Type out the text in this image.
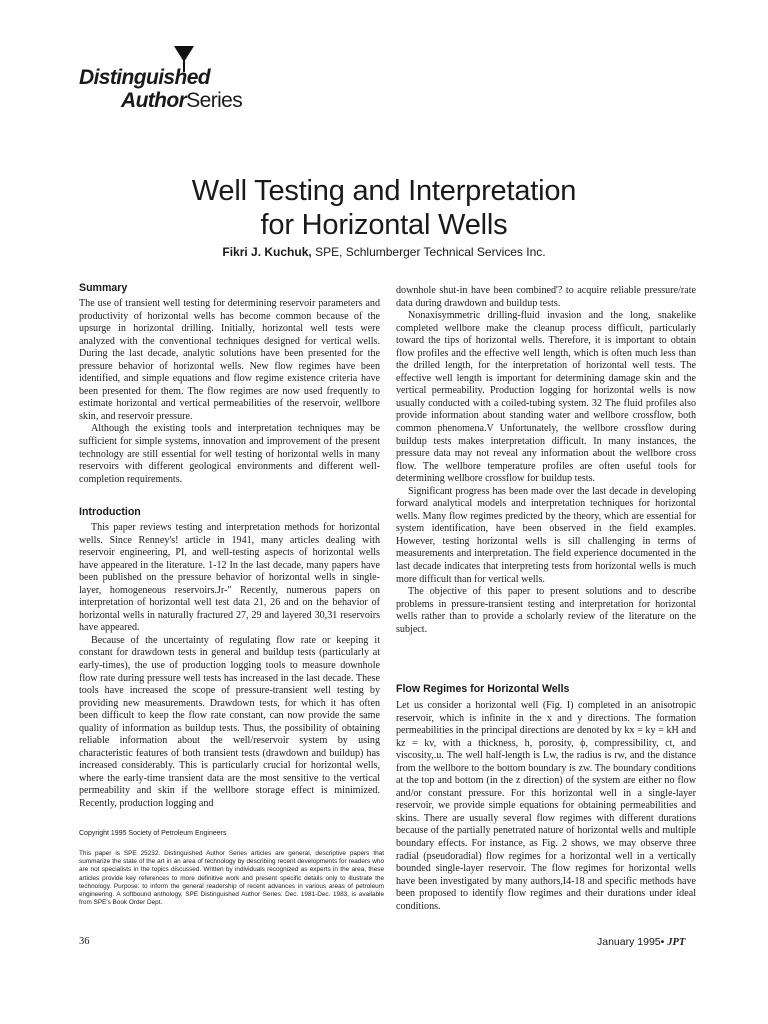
Distinguished
AuthorSeries
Well Testing and Interpretation
for Horizontal Wells
Fikri J. Kuchuk, SPE, Schlumberger Technical Services Inc.
Summary

The use of transient well testing for determining reservoir parameters and productivity of horizontal wells has become common because of the upsurge in horizontal drilling. Initially, horizontal well tests were analyzed with the conventional techniques designed for vertical wells. During the last decade, analytic solutions have been presented for the pressure behavior of horizontal wells. New flow regimes have been identified, and simple equations and flow regime existence criteria have been presented for them. The flow regimes are now used frequently to estimate horizontal and vertical permeabilities of the reservoir, wellbore skin, and reservoir pressure.

Although the existing tools and interpretation techniques may be sufficient for simple systems, innovation and improvement of the present technology are still essential for well testing of horizontal wells in many reservoirs with different geological environments and different well-completion requirements.

Introduction

This paper reviews testing and interpretation methods for horizontal wells. Since Renney's! article in 1941, many articles dealing with reservoir engineering, PI, and well-testing aspects of horizontal wells have appeared in the literature. 1-12 In the last decade, many papers have been published on the pressure behavior of horizontal wells in single-layer, homogeneous reservoirs.Jr-" Recently, numerous papers on interpretation of horizontal well test data 21, 26 and on the behavior of horizontal wells in naturally fractured 27, 29 and layered 30,31 reservoirs have appeared.

Because of the uncertainty of regulating flow rate or keeping it constant for drawdown tests in general and buildup tests (particularly at early-times), the use of production logging tools to measure downhole flow rate during pressure well tests has increased in the last decade. These tools have increased the scope of pressure-transient well testing by providing new measurements. Drawdown tests, for which it has often been difficult to keep the flow rate constant, can now provide the same quality of information as buildup tests. Thus, the possibility of obtaining reliable information about the well/reservoir system by using characteristic features of both transient tests (drawdown and buildup) has increased considerably. This is particularly crucial for horizontal wells, where the early-time transient data are the most sensitive to the vertical permeability and skin if the wellbore storage effect is minimized. Recently, production logging and

Copyright 1995 Society of Petroleum Engineers
This paper is SPE 25232. Distinguished Author Series articles are general, descriptive papers that summarize the state of the art in an area of technology by describing recent developments for readers who are not specialists in the topics discussed. Written by individuals recognized as experts in the area, these articles provide key references to more definitive work and present specific details only to illustrate the technology. Purpose: to inform the general readership of recent advances in various areas of petroleum engineering. A softbound anthology, SPE Distinguished Author Series: Dec. 1981-Dec. 1983, is available from SPE's Book Order Dept.

downhole shut-in have been combined'? to acquire reliable pressure/rate data during drawdown and buildup tests.

Nonaxisymmetric drilling-fluid invasion and the long, snakelike completed wellbore make the cleanup process difficult, particularly toward the tips of horizontal wells. Therefore, it is important to obtain flow profiles and the effective well length, which is often much less than the drilled length, for the interpretation of horizontal well tests. The effective well length is important for determining damage skin and the vertical permeability. Production logging for horizontal wells is now usually conducted with a coiled-tubing system. 32 The fluid profiles also provide information about standing water and wellbore crossflow, both common phenomena.V Unfortunately, the wellbore crossflow during buildup tests makes interpretation difficult. In many instances, the pressure data may not reveal any information about the wellbore cross flow. The wellbore temperature profiles are often useful tools for determining wellbore crossflow for buildup tests.

Significant progress has been made over the last decade in developing forward analytical models and interpretation techniques for horizontal wells. Many flow regimes predicted by the theory, which are essential for system identification, have been observed in the field examples. However, testing horizontal wells is sill challenging in terms of measurements and interpretation. The field experience documented in the last decade indicates that interpreting tests from horizontal wells is much more difficult than for vertical wells.

The objective of this paper to present solutions and to describe problems in pressure-transient testing and interpretation for horizontal wells rather than to provide a scholarly review of the literature on the subject.

Flow Regimes for Horizontal Wells

Let us consider a horizontal well (Fig. I) completed in an anisotropic reservoir, which is infinite in the x and y directions. The formation permeabilities in the principal directions are denoted by kx = ky = kH and kz = kv, with a thickness, h, porosity, ϕ, compressibility, ct, and viscosity,.u. The well half-length is Lw, the radius is rw, and the distance from the wellbore to the bottom boundary is zw. The boundary conditions at the top and bottom (in the z direction) of the system are either no flow and/or constant pressure. For this horizontal well in a single-layer reservoir, we provide simple equations for obtaining permeabilities and skins. There are usually several flow regimes with different durations because of the partially penetrated nature of horizontal wells and multiple boundary effects. For instance, as Fig. 2 shows, we may observe three radial (pseudoradial) flow regimes for a horizontal well in a vertically bounded single-layer reservoir. The flow regimes for horizontal wells have been investigated by many authors,I4-18 and specific methods have been proposed to identify flow regimes and their durations under ideal conditions.

36	January 1995• JPT
